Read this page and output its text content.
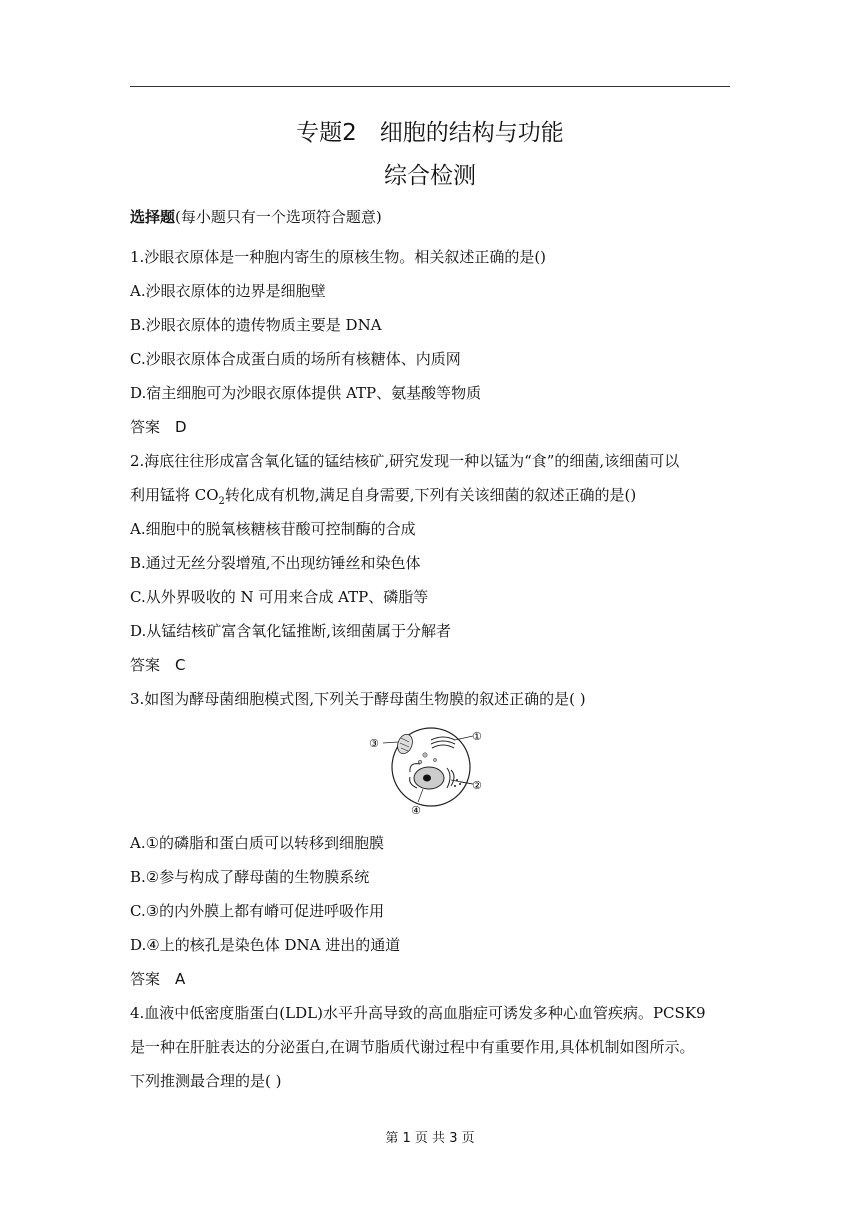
专题2　细胞的结构与功能
综合检测
选择题(每小题只有一个选项符合题意)
1.沙眼衣原体是一种胞内寄生的原核生物。相关叙述正确的是()
A.沙眼衣原体的边界是细胞壁
B.沙眼衣原体的遗传物质主要是 DNA
C.沙眼衣原体合成蛋白质的场所有核糖体、内质网
D.宿主细胞可为沙眼衣原体提供 ATP、氨基酸等物质
答案　D
2.海底往往形成富含氧化锰的锰结核矿,研究发现一种以锰为“食”的细菌,该细菌可以
利用锰将 $CO_2$转化成有机物,满足自身需要,下列有关该细菌的叙述正确的是()
A.细胞中的脱氧核糖核苷酸可控制酶的合成
B.通过无丝分裂增殖,不出现纺锤丝和染色体
C.从外界吸收的 N 可用来合成 ATP、磷脂等
D.从锰结核矿富含氧化锰推断,该细菌属于分解者
答案　C
3.如图为酵母菌细胞模式图,下列关于酵母菌生物膜的叙述正确的是( )
③
①
②
④
A.①的磷脂和蛋白质可以转移到细胞膜
B.②参与构成了酵母菌的生物膜系统
C.③的内外膜上都有嵴可促进呼吸作用
D.④上的核孔是染色体 DNA 进出的通道
答案　A
4.血液中低密度脂蛋白(LDL)水平升高导致的高血脂症可诱发多种心血管疾病。PCSK9
是一种在肝脏表达的分泌蛋白,在调节脂质代谢过程中有重要作用,具体机制如图所示。
下列推测最合理的是( )
第 1 页 共 3 页
